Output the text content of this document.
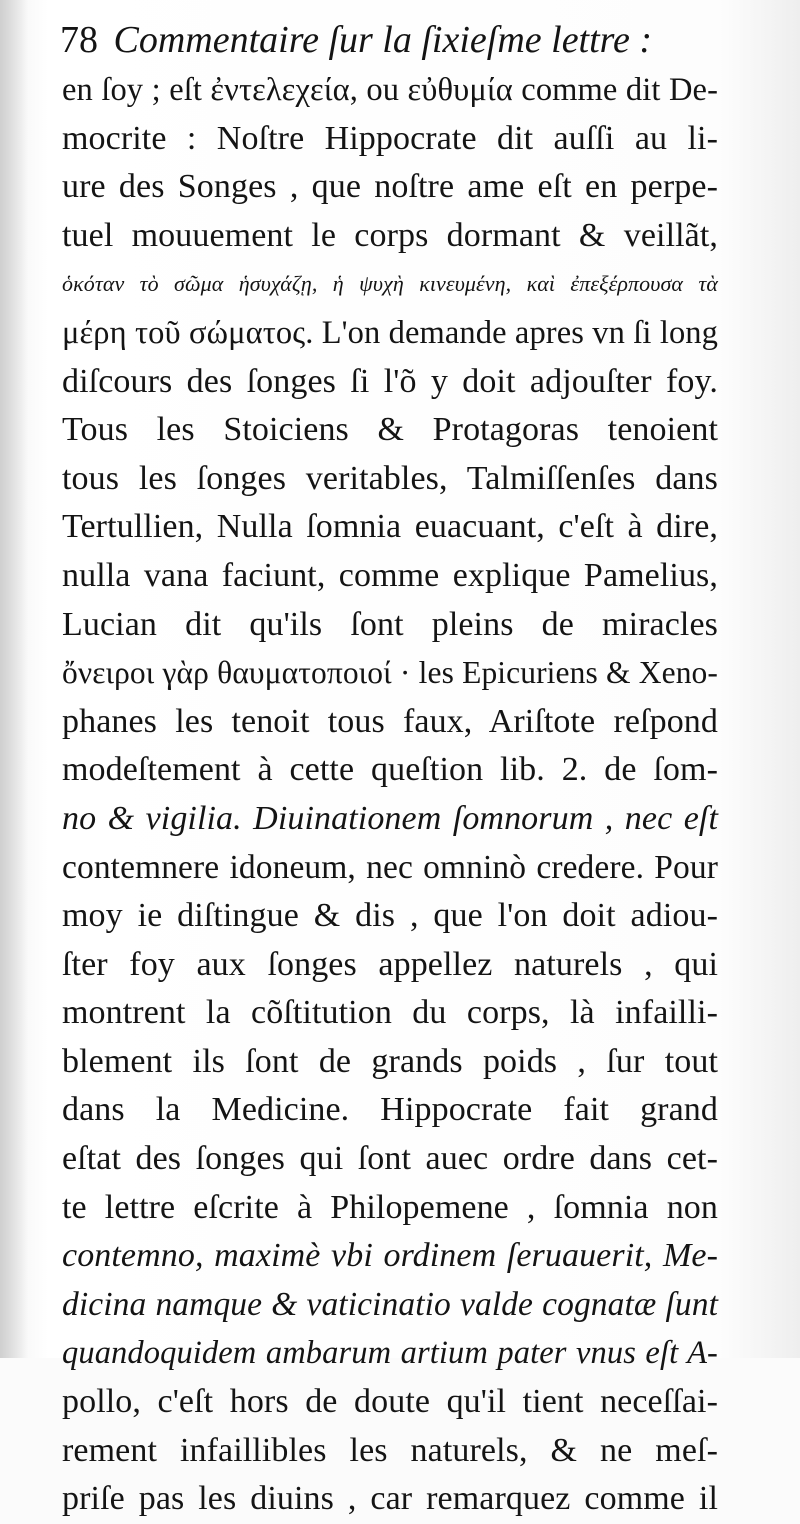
78 Commentaire ſur la ſixieſme lettre :
en ſoy ; eſt ἐντελεχεία, ou εὐθυμία comme dit De-
mocrite : Noſtre Hippocrate dit auſſi au li-
ure des Songes , que noſtre ame eſt en perpe-
tuel mouuement le corps dormant & veillãt,
ὁκόταν τὸ σῶμα ἡσυχάζῃ, ἡ ψυχὴ κινευμένη, καὶ ἐπεξέρπουσα τὰ
μέρη τοῦ σώματος. L'on demande apres vn ſi long
diſcours des ſonges ſi l'õ y doit adjouſter foy.
Tous les Stoiciens & Protagoras tenoient
tous les ſonges veritables, Talmiſſenſes dans
Tertullien, Nulla ſomnia euacuant, c'eſt à dire,
nulla vana faciunt, comme explique Pamelius,
Lucian dit qu'ils ſont pleins de miracles
ὄνειροι γὰρ θαυματοποιοί · les Epicuriens & Xeno-
phanes les tenoit tous faux, Ariſtote reſpond
modeſtement à cette queſtion lib. 2. de ſom-
no & vigilia. Diuinationem ſomnorum , nec eſt
contemnere idoneum, nec omninò credere. Pour
moy ie diſtingue & dis , que l'on doit adiou-
ſter foy aux ſonges appellez naturels , qui
montrent la cõſtitution du corps, là infailli-
blement ils ſont de grands poids , ſur tout
dans la Medicine. Hippocrate fait grand
eſtat des ſonges qui ſont auec ordre dans cet-
te lettre eſcrite à Philopemene , ſomnia non
contemno, maximè vbi ordinem ſeruauerit, Me-
dicina namque & vaticinatio valde cognatæ ſunt
quandoquidem ambarum artium pater vnus eſt A-
pollo, c'eſt hors de doute qu'il tient neceſſai-
rement infaillibles les naturels, & ne meſ-
priſe pas les diuins , car remarquez comme il
